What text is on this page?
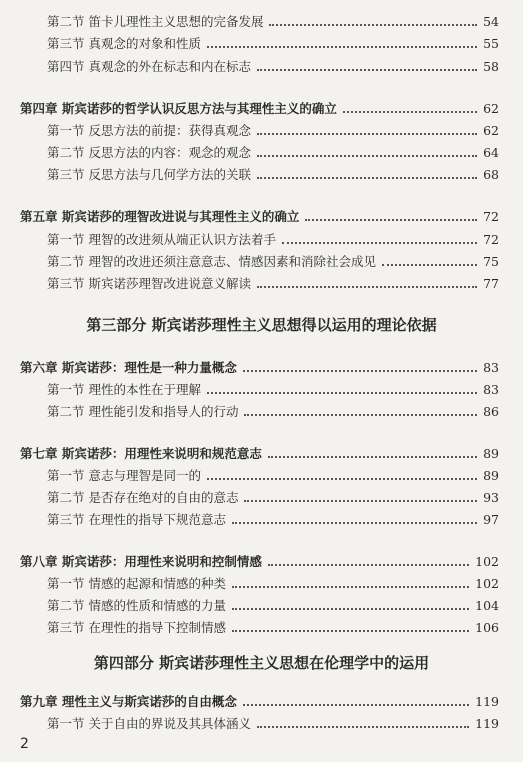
第二节 笛卡儿理性主义思想的完备发展	54
第三节 真观念的对象和性质	55
第四节 真观念的外在标志和内在标志	58
第四章 斯宾诺莎的哲学认识反思方法与其理性主义的确立	62
第一节 反思方法的前提：获得真观念	62
第二节 反思方法的内容：观念的观念	64
第三节 反思方法与几何学方法的关联	68
第五章 斯宾诺莎的理智改进说与其理性主义的确立	72
第一节 理智的改进须从端正认识方法着手	72
第二节 理智的改进还须注意意志、情感因素和消除社会成见	75
第三节 斯宾诺莎理智改进说意义解读	77
第三部分 斯宾诺莎理性主义思想得以运用的理论依据
第六章 斯宾诺莎：理性是一种力量概念	83
第一节 理性的本性在于理解	83
第二节 理性能引发和指导人的行动	86
第七章 斯宾诺莎：用理性来说明和规范意志	89
第一节 意志与理智是同一的	89
第二节 是否存在绝对的自由的意志	93
第三节 在理性的指导下规范意志	97
第八章 斯宾诺莎：用理性来说明和控制情感	102
第一节 情感的起源和情感的种类	102
第二节 情感的性质和情感的力量	104
第三节 在理性的指导下控制情感	106
第四部分 斯宾诺莎理性主义思想在伦理学中的运用
第九章 理性主义与斯宾诺莎的自由概念	119
第一节 关于自由的界说及其具体涵义	119
2
